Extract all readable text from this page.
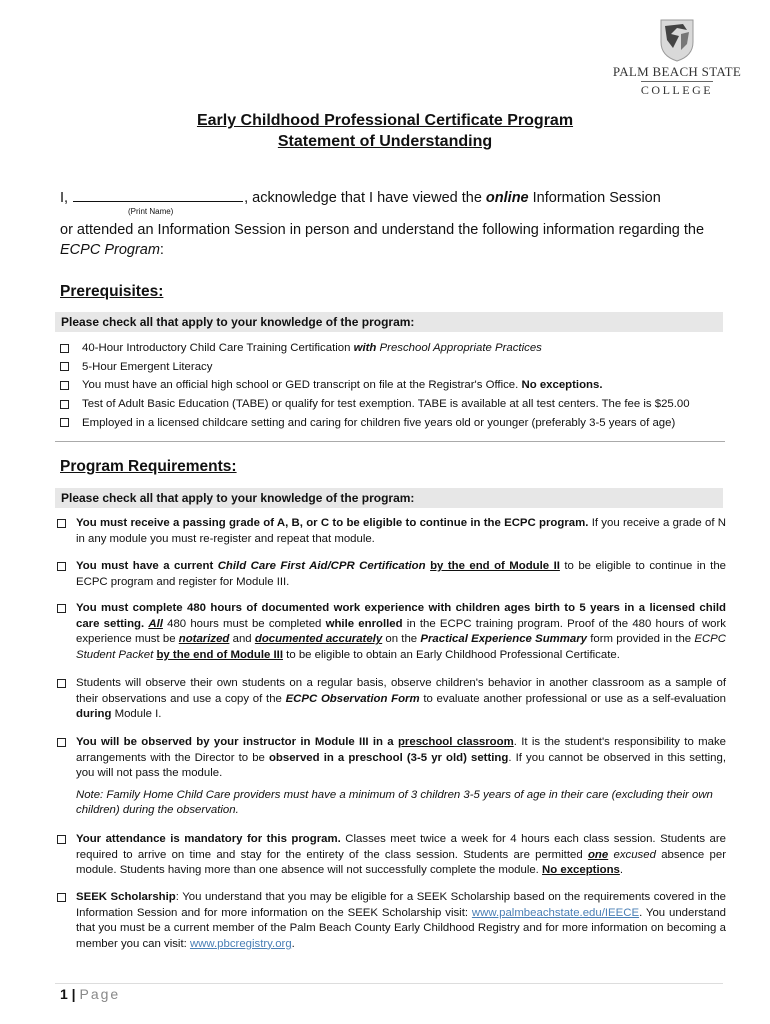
PALM BEACH STATE
COLLEGE
Early Childhood Professional Certificate Program
Statement of Understanding
I,	, acknowledge that I have viewed the online Information Session
(Print Name)
or attended an Information Session in person and understand the following information regarding the ECPC Program:
Prerequisites:
Please check all that apply to your knowledge of the program:
40-Hour Introductory Child Care Training Certification with Preschool Appropriate Practices
5-Hour Emergent Literacy
You must have an official high school or GED transcript on file at the Registrar's Office. No exceptions.
Test of Adult Basic Education (TABE) or qualify for test exemption. TABE is available at all test centers. The fee is $25.00
Employed in a licensed childcare setting and caring for children five years old or younger (preferably 3-5 years of age)
Program Requirements:
Please check all that apply to your knowledge of the program:
You must receive a passing grade of A, B, or C to be eligible to continue in the ECPC program. If you receive a grade of N in any module you must re-register and repeat that module.
You must have a current Child Care First Aid/CPR Certification by the end of Module II to be eligible to continue in the ECPC program and register for Module III.
You must complete 480 hours of documented work experience with children ages birth to 5 years in a licensed child care setting. All 480 hours must be completed while enrolled in the ECPC training program. Proof of the 480 hours of work experience must be notarized and documented accurately on the Practical Experience Summary form provided in the ECPC Student Packet by the end of Module III to be eligible to obtain an Early Childhood Professional Certificate.
Students will observe their own students on a regular basis, observe children's behavior in another classroom as a sample of their observations and use a copy of the ECPC Observation Form to evaluate another professional or use as a self-evaluation during Module I.
You will be observed by your instructor in Module III in a preschool classroom. It is the student's responsibility to make arrangements with the Director to be observed in a preschool (3-5 yr old) setting. If you cannot be observed in this setting, you will not pass the module.
Note: Family Home Child Care providers must have a minimum of 3 children 3-5 years of age in their care (excluding their own children) during the observation.
Your attendance is mandatory for this program. Classes meet twice a week for 4 hours each class session. Students are required to arrive on time and stay for the entirety of the class session. Students are permitted one excused absence per module. Students having more than one absence will not successfully complete the module. No exceptions.
SEEK Scholarship: You understand that you may be eligible for a SEEK Scholarship based on the requirements covered in the Information Session and for more information on the SEEK Scholarship visit: www.palmbeachstate.edu/IEECE. You understand that you must be a current member of the Palm Beach County Early Childhood Registry and for more information on becoming a member you can visit: www.pbcregistry.org.
1 | Page
